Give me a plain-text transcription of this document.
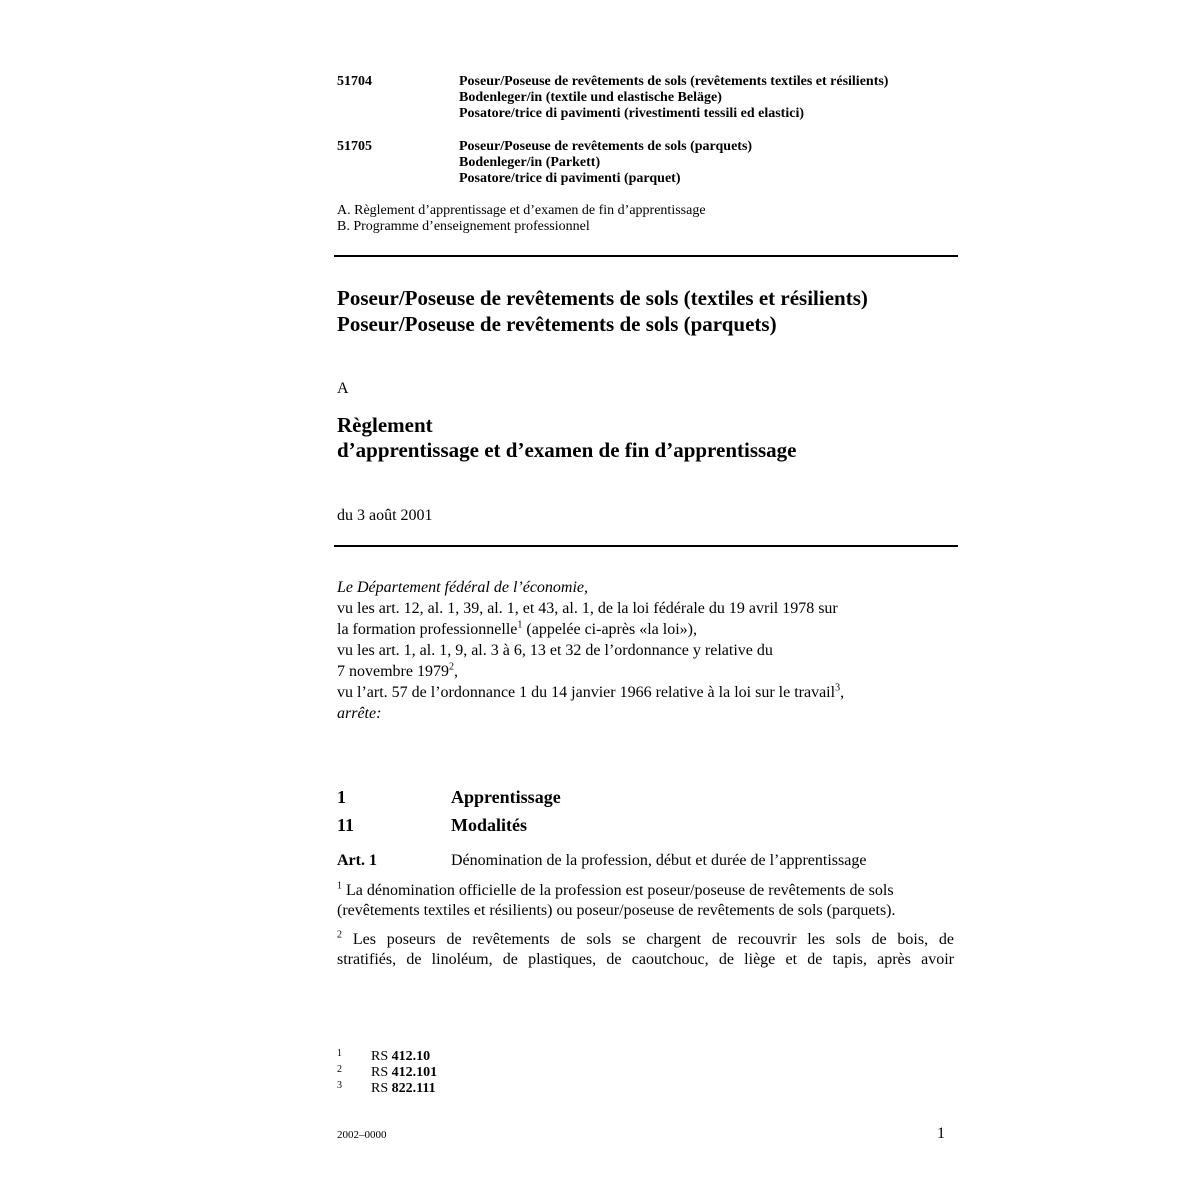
51704	Poseur/Poseuse de revêtements de sols (revêtements textiles et résilients)
Bodenleger/in (textile und elastische Beläge)
Posatore/trice di pavimenti (rivestimenti tessili ed elastici)
51705	Poseur/Poseuse de revêtements de sols (parquets)
Bodenleger/in (Parkett)
Posatore/trice di pavimenti (parquet)
A. Règlement d’apprentissage et d’examen de fin d’apprentissage
B. Programme d’enseignement professionnel
Poseur/Poseuse de revêtements de sols (textiles et résilients)
Poseur/Poseuse de revêtements de sols (parquets)
A
Règlement
d’apprentissage et d’examen de fin d’apprentissage
du 3 août 2001
Le Département fédéral de l’économie,
vu les art. 12, al. 1, 39, al. 1, et 43, al. 1, de la loi fédérale du 19 avril 1978 sur
la formation professionnelle$^1$ (appelée ci-après «la loi»),
vu les art. 1, al. 1, 9, al. 3 à 6, 13 et 32 de l’ordonnance y relative du
7 novembre 1979$^2$,
vu l’art. 57 de l’ordonnance 1 du 14 janvier 1966 relative à la loi sur le travail$^3$,
arrête:
1	Apprentissage
11	Modalités
Art. 1	Dénomination de la profession, début et durée de l’apprentissage
$^1$ La dénomination officielle de la profession est poseur/poseuse de revêtements de sols
(revêtements textiles et résilients) ou poseur/poseuse de revêtements de sols (parquets).
$^2$ Les poseurs de revêtements de sols se chargent de recouvrir les sols de bois, de
stratifiés, de linoléum, de plastiques, de caoutchouc, de liège et de tapis, après avoir
1 RS 412.10
2 RS 412.101
3 RS 822.111
2002–0000	1
